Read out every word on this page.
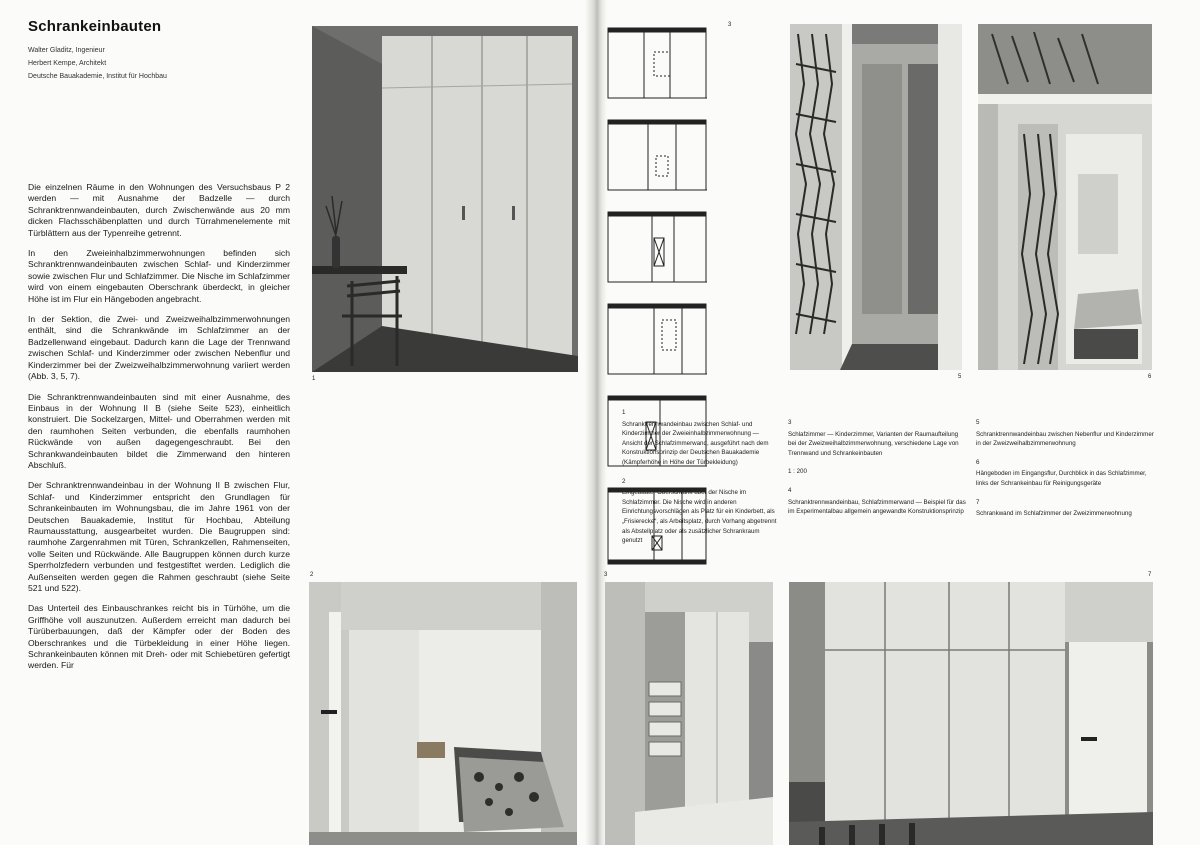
Schrankeinbauten
Walter Gladitz, Ingenieur
Herbert Kempe, Architekt
Deutsche Bauakademie, Institut für Hochbau

Die einzelnen Räume in den Wohnungen des Versuchsbaus P 2 werden — mit Ausnahme der Badzelle — durch Schranktrennwandeinbauten, durch Zwischenwände aus 20 mm dicken Flachsschäbenplatten und durch Türrahmenelemente mit Türblättern aus der Typenreihe getrennt.

In den Zweieinhalbzimmerwohnungen befinden sich Schranktrennwandeinbauten zwischen Schlaf- und Kinderzimmer sowie zwischen Flur und Schlafzimmer. Die Nische im Schlafzimmer wird von einem eingebauten Oberschrank überdeckt, in gleicher Höhe ist im Flur ein Hängeboden angebracht.

In der Sektion, die Zwei- und Zweizweihalbzimmerwohnungen enthält, sind die Schrankwände im Schlafzimmer an der Badzellenwand eingebaut. Dadurch kann die Lage der Trennwand zwischen Schlaf- und Kinderzimmer oder zwischen Nebenflur und Kinderzimmer bei der Zweizweihalbzimmerwohnung variiert werden (Abb. 3, 5, 7).

Die Schranktrennwandeinbauten sind mit einer Ausnahme, des Einbaus in der Wohnung II B (siehe Seite 523), einheitlich konstruiert. Die Sockelzargen, Mittel- und Oberrahmen werden mit den raumhohen Seiten verbunden, die ebenfalls raumhohen Rückwände von außen dagegengeschraubt. Bei den Schrankwandeinbauten bildet die Zimmerwand den hinteren Abschluß.

Der Schranktrennwandeinbau in der Wohnung II B zwischen Flur, Schlaf- und Kinderzimmer entspricht den Grundlagen für Schrankeinbauten im Wohnungsbau, die im Jahre 1961 von der Deutschen Bauakademie, Institut für Hochbau, Abteilung Raumausstattung, ausgearbeitet wurden. Die Baugruppen sind: raumhohe Zargenrahmen mit Türen, Schrankzellen, Rahmenseiten, volle Seiten und Rückwände. Alle Baugruppen können durch kurze Sperrholzfedern verbunden und festgestiftet werden. Lediglich die Außenseiten werden gegen die Rahmen geschraubt (siehe Seite 521 und 522).

Das Unterteil des Einbauschrankes reicht bis in Türhöhe, um die Griffhöhe voll auszunutzen. Außerdem erreicht man dadurch bei Türüberbauungen, daß der Kämpfer oder der Boden des Oberschrankes und die Türbekleidung in einer Höhe liegen. Schrankeinbauten können mit Dreh- oder mit Schiebetüren gefertigt werden. Für

1
2
3

1
Schranktrennwandeinbau zwischen Schlaf- und Kinderzimmer der Zweieinhalbzimmerwohnung — Ansicht der Schlafzimmerwand, ausgeführt nach dem Konstruktionsprinzip der Deutschen Bauakademie (Kämpferhöhe in Höhe der Türbekleidung)

2
Eingebauter Oberschrank über der Nische im Schlafzimmer. Die Nische wird in anderen Einrichtungsvorschlägen als Platz für ein Kinderbett, als „Frisierecke“, als Arbeitsplatz, durch Vorhang abgetrennt als Abstellplatz oder als zusätzlicher Schrankraum genutzt

5	6

3
Schlafzimmer — Kinderzimmer, Varianten der Raumaufteilung bei der Zweizweihalbzimmerwohnung, verschiedene Lage von Trennwand und Schrankeinbauten

1 : 200

4
Schranktrennwandeinbau, Schlafzimmerwand — Beispiel für das im Experimentalbau allgemein angewandte Konstruktionsprinzip

5
Schranktrennwandeinbau zwischen Nebenflur und Kinderzimmer in der Zweizweihalbzimmerwohnung

6
Hängeboden im Eingangsflur, Durchblick in das Schlafzimmer, links der Schrankeinbau für Reinigungsgeräte

7
Schrankwand im Schlafzimmer der Zweizimmerwohnung

3	7
